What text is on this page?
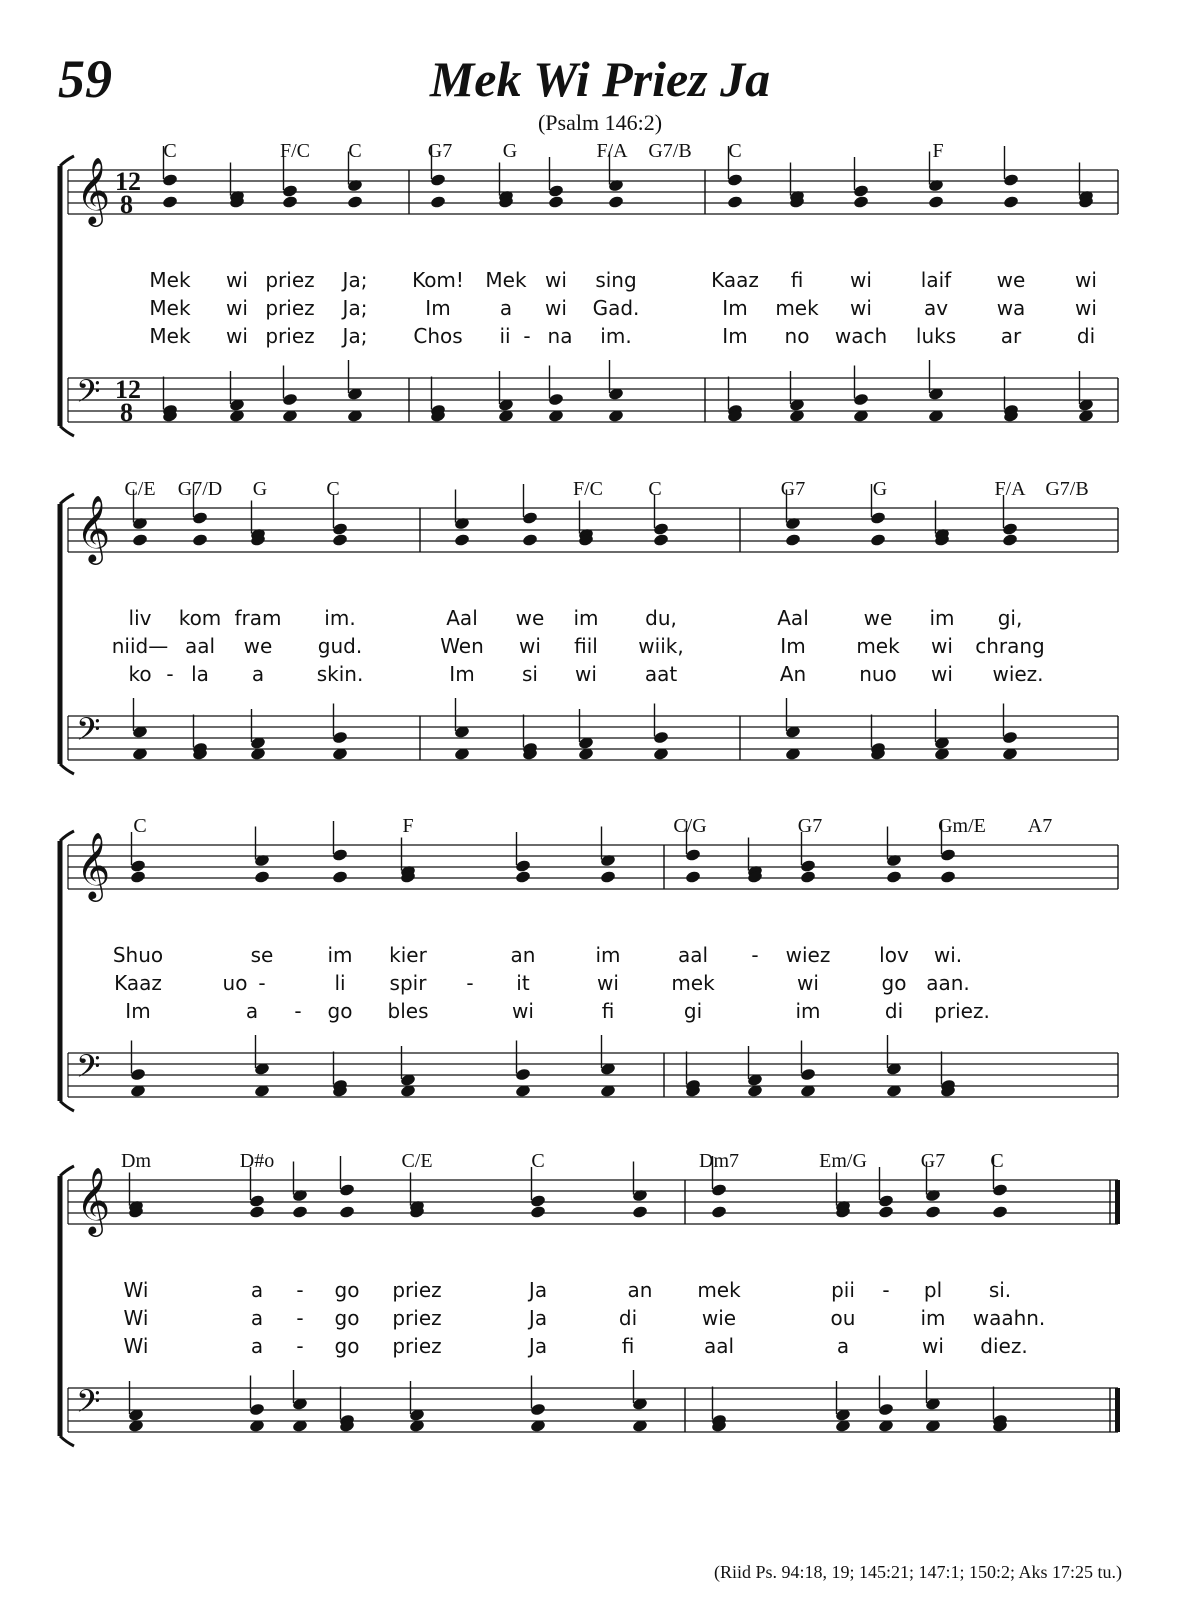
59	Mek Wi Priez Ja
(Psalm 146:2)
𝄞 12
8
𝄢 12
8
C	F/C C	G7	G	F/A G7/B C	F
Mek wi priez Ja; Kom! Mek wi sing	Kaaz fi wi laif we wi
Mek wi priez Ja;	Im a wi Gad.	Im mek wi	av wa wi
Mek wi priez Ja; Chos ii - na im.	Im no wach luks ar	di
𝄞
𝄢
C/E G7/D G	C	F/C C	G7	G	F/A G7/B
liv kom fram im.	Aal we im du,	Aal	we im gi,
niid— aal we gud.	Wen wi fiil wiik,	Im	mek wi chrang
ko - la a	skin.	Im si wi aat	An	nuo wi wiez.
𝄞
𝄢
C	F	C/G	G7	Gm/E A7
Shuo	se	im kier	an	im	aal - wiez lov wi.
Kaaz	uo -	li spir - it	wi	mek	wi	go aan.
Im	a - go bles	wi	fi	gi	im	di priez.
𝄞
𝄢
Dm	D#o	C/E	C	Dm7	Em/G	G7 C
Wi	a - go priez	Ja	an mek	pii - pl si.
Wi	a - go priez	Ja	di	wie	ou	im waahn.
Wi	a - go priez	Ja	fi	aal	a	wi diez.
(Riid Ps. 94:18, 19; 145:21; 147:1; 150:2; Aks 17:25 tu.)
